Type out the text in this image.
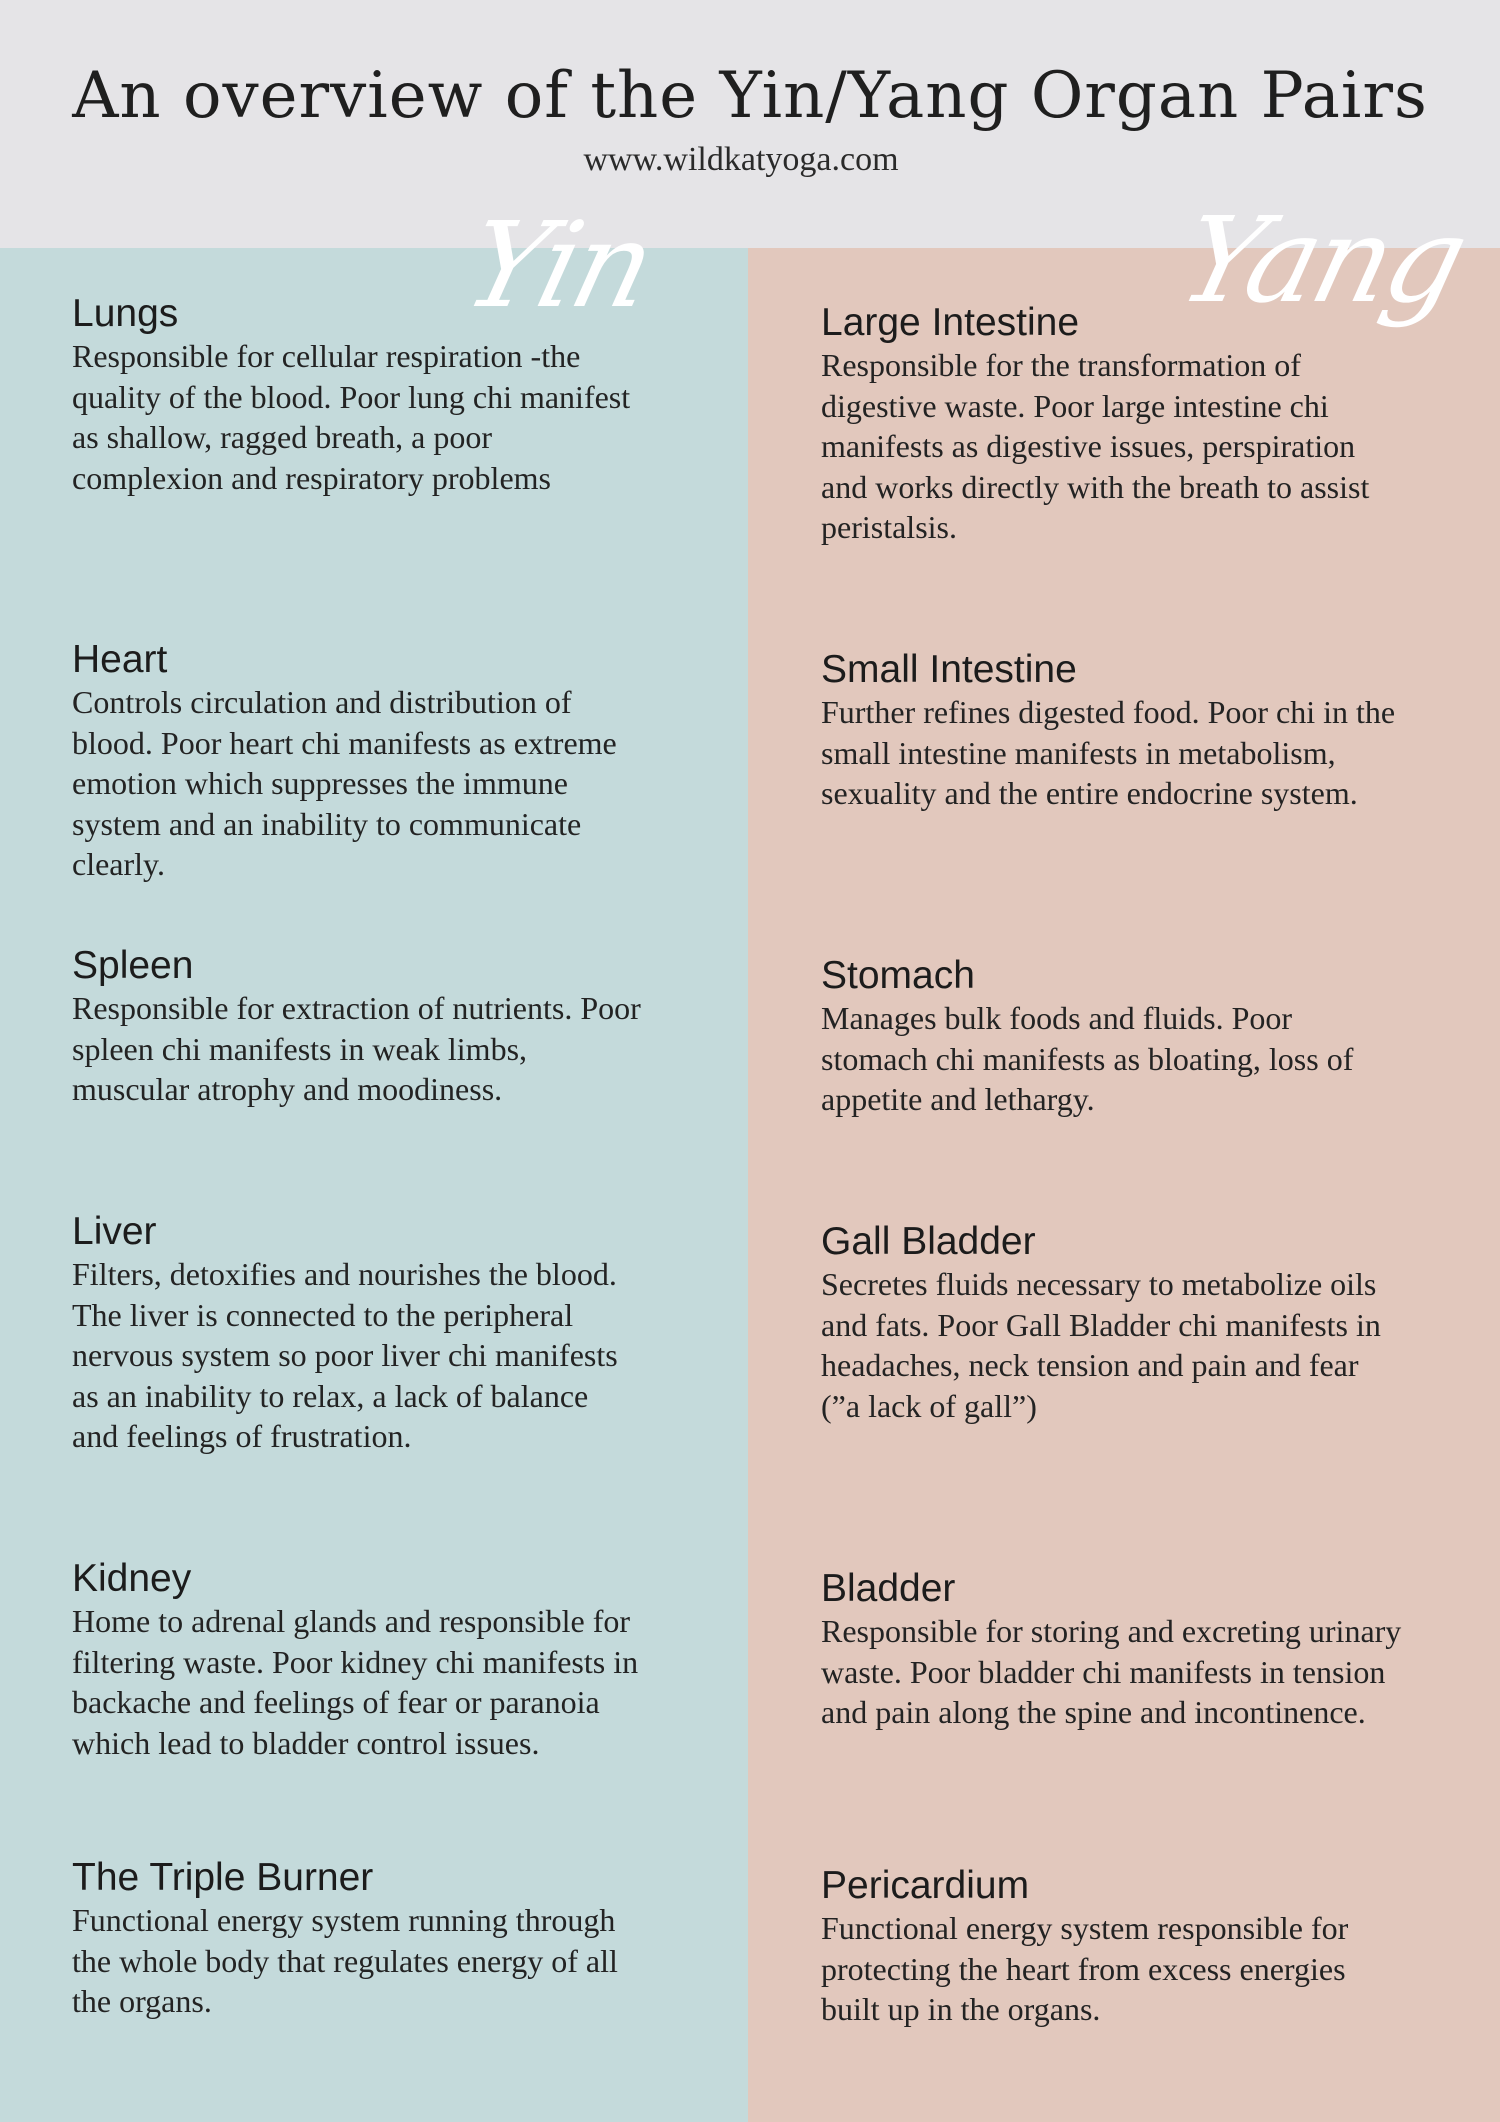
An overview of the Yin/Yang Organ Pairs
www.wildkatyoga.com
Yin	Yang
Lungs

Responsible for cellular respiration -the quality of the blood. Poor lung chi manifest as shallow, ragged breath, a poor complexion and respiratory problems

Heart

Controls circulation and distribution of blood. Poor heart chi manifests as extreme emotion which suppresses the immune system and an inability to communicate clearly.

Spleen

Responsible for extraction of nutrients. Poor spleen chi manifests in weak limbs, muscular atrophy and moodiness.

Liver

Filters, detoxifies and nourishes the blood. The liver is connected to the peripheral nervous system so poor liver chi manifests as an inability to relax, a lack of balance and feelings of frustration.

Kidney

Home to adrenal glands and responsible for filtering waste. Poor kidney chi manifests in backache and feelings of fear or paranoia which lead to bladder control issues.

The Triple Burner

Functional energy system running through the whole body that regulates energy of all the organs.

Large Intestine

Responsible for the transformation of digestive waste. Poor large intestine chi manifests as digestive issues, perspiration and works directly with the breath to assist peristalsis.

Small Intestine

Further refines digested food. Poor chi in the small intestine manifests in metabolism, sexuality and the entire endocrine system.

Stomach

Manages bulk foods and fluids. Poor stomach chi manifests as bloating, loss of appetite and lethargy.

Gall Bladder

Secretes fluids necessary to metabolize oils and fats. Poor Gall Bladder chi manifests in headaches, neck tension and pain and fear (”a lack of gall”)

Bladder

Responsible for storing and excreting urinary waste. Poor bladder chi manifests in tension and pain along the spine and incontinence.

Pericardium

Functional energy system responsible for protecting the heart from excess energies built up in the organs.
